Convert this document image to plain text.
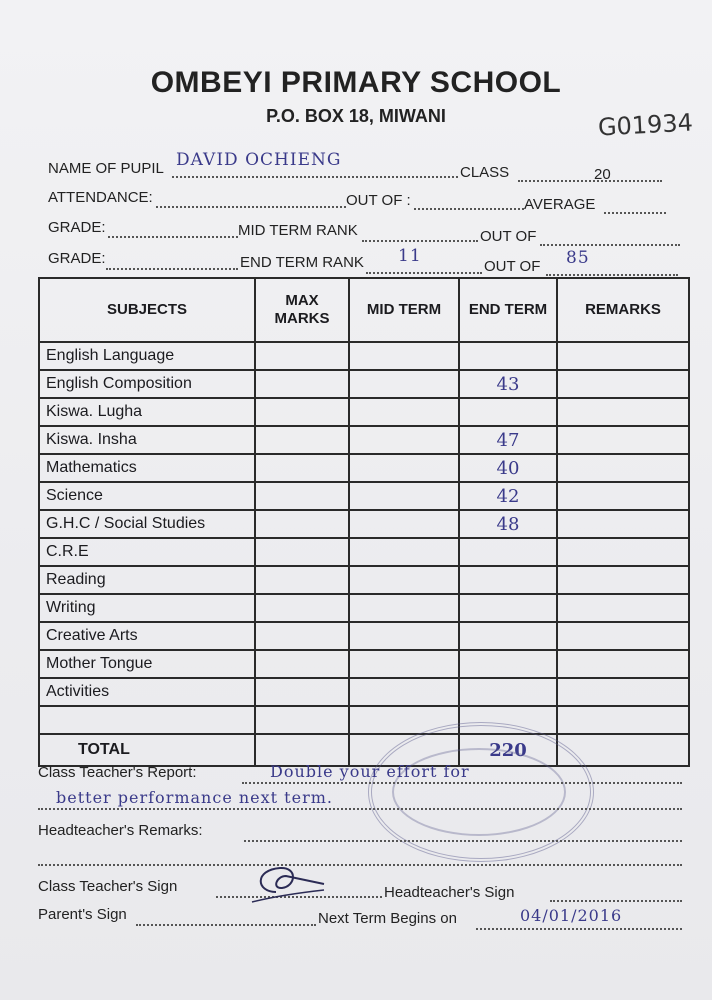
OMBEYI PRIMARY SCHOOL
P.O. BOX 18, MIWANI	G01934
NAME OF PUPIL DAVID OCHIENG
CLASS	20
ATTENDANCE:	OUT OF :	AVERAGE
GRADE:	MID TERM RANK	OUT OF
GRADE:	END TERM RANK 11
OUT OF 85
SUBJECTS	MAX MARKS	MID TERM	END TERM	REMARKS
English Language				
English Composition			43	
Kiswa. Lugha				
Kiswa. Insha			47	
Mathematics			40	
Science			42	
G.H.C / Social Studies			48	
C.R.E				
Reading				
Writing				
Creative Arts				
Mother Tongue				
Activities				

TOTAL			220	
Class Teacher's Report:	Double your effort for
better performance next term.
Headteacher's Remarks:
Class Teacher's Sign	Headteacher's Sign
Parent's Sign	Next Term Begins on	04/01/2016
